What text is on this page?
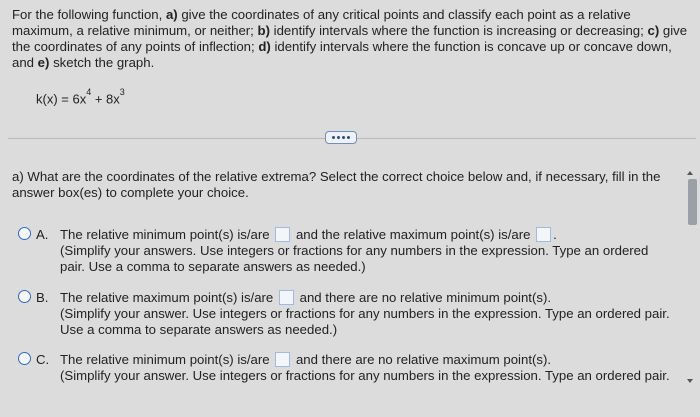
For the following function, a) give the coordinates of any critical points and classify each point as a relative maximum, a relative minimum, or neither; b) identify intervals where the function is increasing or decreasing; c) give the coordinates of any points of inflection; d) identify intervals where the function is concave up or concave down, and e) sketch the graph.
$k(x) = 6x^4 + 8x^3$
a) What are the coordinates of the relative extrema? Select the correct choice below and, if necessary, fill in the answer box(es) to complete your choice.
A. The relative minimum point(s) is/are and the relative maximum point(s) is/are .
(Simplify your answers. Use integers or fractions for any numbers in the expression. Type an ordered pair. Use a comma to separate answers as needed.)
B. The relative maximum point(s) is/are and there are no relative minimum point(s).
(Simplify your answer. Use integers or fractions for any numbers in the expression. Type an ordered pair. Use a comma to separate answers as needed.)
C. The relative minimum point(s) is/are and there are no relative maximum point(s).
(Simplify your answer. Use integers or fractions for any numbers in the expression. Type an ordered pair.
